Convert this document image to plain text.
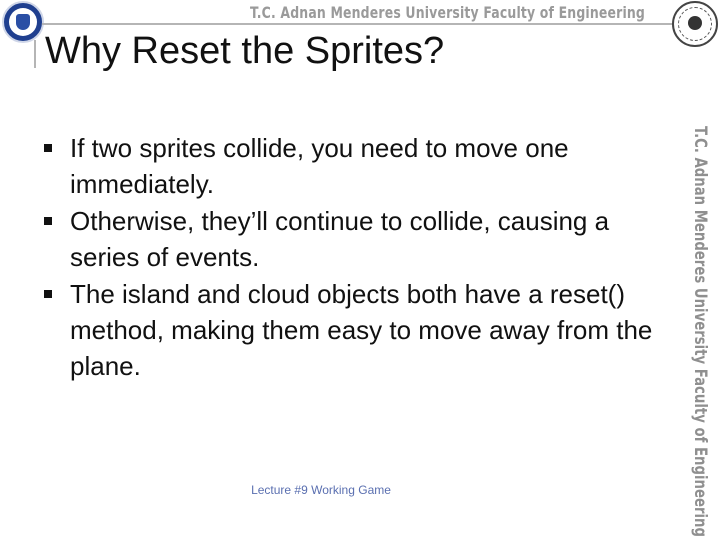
T.C. Adnan Menderes University Faculty of Engineering
Why Reset the Sprites?
If two sprites collide, you need to move one immediately.
Otherwise, they’ll continue to collide, causing a series of events.
The island and cloud objects both have a reset() method, making them easy to move away from the plane.	T.C. Adnan Menderes University Faculty of Engineering
Lecture #9 Working Game
